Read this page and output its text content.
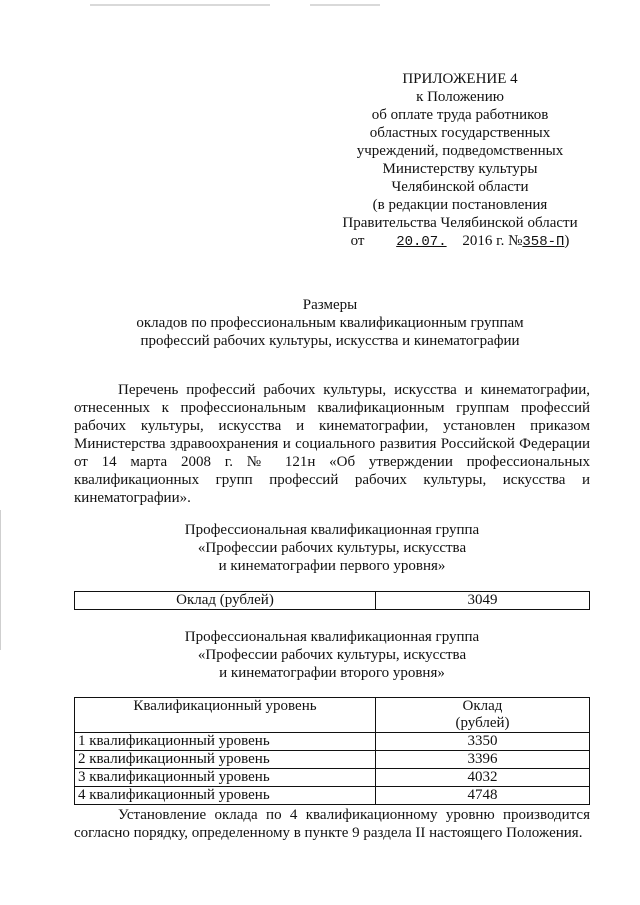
ПРИЛОЖЕНИЕ 4
к Положению
об оплате труда работников
областных государственных
учреждений, подведомственных
Министерству культуры
Челябинской области
(в редакции постановления
Правительства Челябинской области
от 20.07. 2016 г. №358-П)
Размеры
окладов по профессиональным квалификационным группам
профессий рабочих культуры, искусства и кинематографии

Перечень профессий рабочих культуры, искусства и кинематографии, отнесенных к профессиональным квалификационным группам профессий рабочих культуры, искусства и кинематографии, установлен приказом Министерства здравоохранения и социального развития Российской Федерации от 14 марта 2008 г. № 121н «Об утверждении профессиональных квалификационных групп профессий рабочих культуры, искусства и кинематографии».

Профессиональная квалификационная группа
«Профессии рабочих культуры, искусства
и кинематографии первого уровня»
Оклад (рублей)	3049
Профессиональная квалификационная группа
«Профессии рабочих культуры, искусства
и кинематографии второго уровня»
Квалификационный уровень	Оклад
(рублей)

1 квалификационный уровень	3350
2 квалификационный уровень	3396
3 квалификационный уровень	4032
4 квалификационный уровень	4748

Установление оклада по 4 квалификационному уровню производится согласно порядку, определенному в пункте 9 раздела II настоящего Положения.
